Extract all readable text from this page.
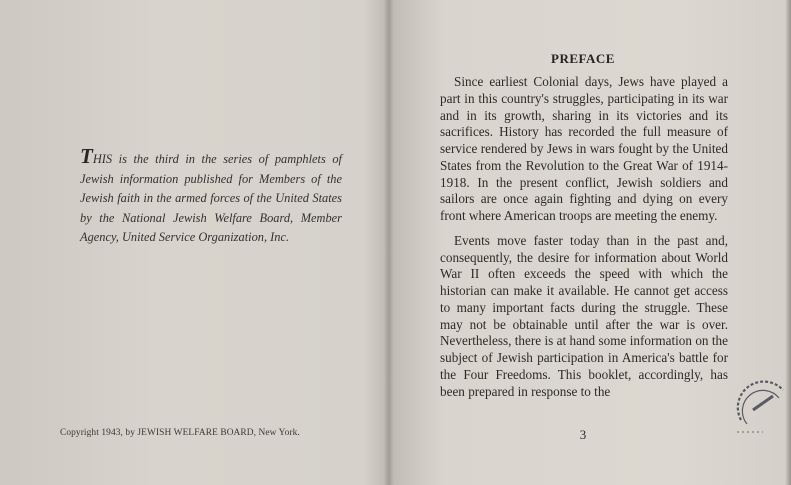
THIS is the third in the series of pamphlets of Jewish information published for Members of the Jewish faith in the armed forces of the United States by the National Jewish Welfare Board, Member Agency, United Service Organization, Inc.
Copyright 1943, by JEWISH WELFARE BOARD, New York.
PREFACE

Since earliest Colonial days, Jews have played a part in this country's struggles, participating in its war and in its growth, sharing in its victories and its sacrifices. History has recorded the full measure of service rendered by Jews in wars fought by the United States from the Revolution to the Great War of 1914-1918. In the present conflict, Jewish soldiers and sailors are once again fighting and dying on every front where American troops are meeting the enemy.

Events move faster today than in the past and, consequently, the desire for information about World War II often exceeds the speed with which the historian can make it available. He cannot get access to many important facts during the struggle. These may not be obtainable until after the war is over. Nevertheless, there is at hand some information on the subject of Jewish participation in America's battle for the Four Freedoms. This booklet, accordingly, has been prepared in response to the

3
